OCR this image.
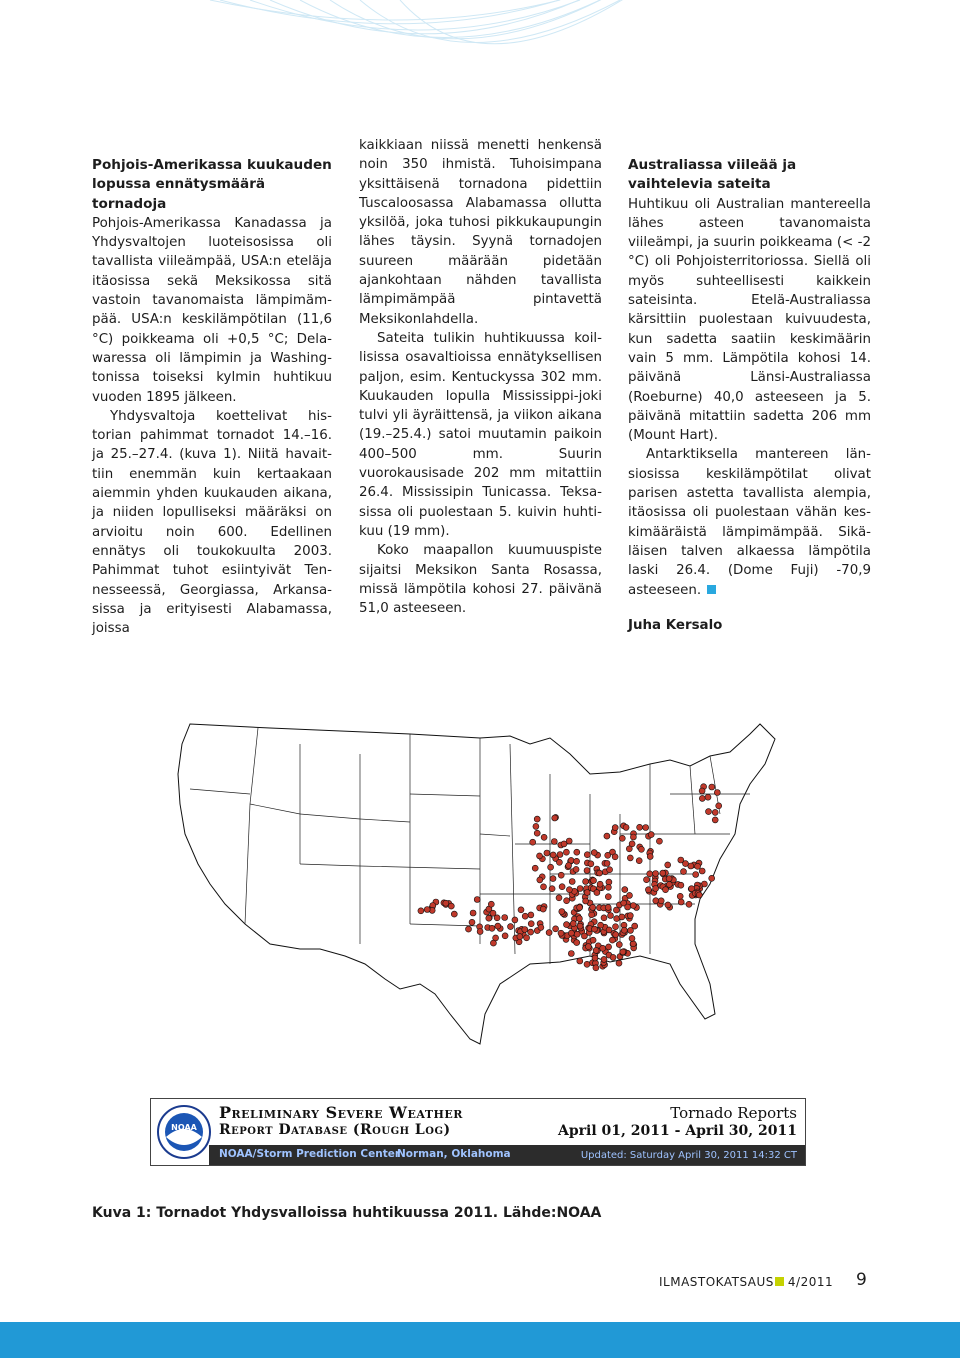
Pohjois-Amerikassa kuukauden lopussa ennätysmäärä tornadoja

Pohjois-Amerikassa Kanadassa ja Yhdysvaltojen luoteisosissa oli tavallista viileämpää, USA:n eteläja itäosissa sekä Meksikossa sitä vastoin tavanomaista lämpimämpää. USA:n keskilämpötilan (11,6 °C) poikkeama oli +0,5 °C; Delawaressa oli lämpimin ja Washingtonissa toiseksi kylmin huhtikuu vuoden 1895 jälkeen.

Yhdysvaltoja koettelivat historian pahimmat tornadot 14.–16. ja 25.–27.4. (kuva 1). Niitä havaittiin enemmän kuin kertaakaan aiemmin yhden kuukauden aikana, ja niiden lopulliseksi määräksi on arvioitu noin 600. Edellinen ennätys oli toukokuulta 2003. Pahimmat tuhot esiintyivät Tennesseessä, Georgiassa, Arkansasissa ja erityisesti Alabamassa, joissa

kaikkiaan niissä menetti henkensä noin 350 ihmistä. Tuhoisimpana yksittäisenä tornadona pidettiin Tuscaloosassa Alabamassa ollutta yksilöä, joka tuhosi pikkukaupungin lähes täysin. Syynä tornadojen suureen määrään pidetään ajankohtaan nähden tavallista lämpimämpää pintavettä Meksikonlahdella.

Sateita tulikin huhtikuussa koillisissa osavaltioissa ennätyksellisen paljon, esim. Kentuckyssa 302 mm. Kuukauden lopulla Mississippi-joki tulvi yli äyräittensä, ja viikon aikana (19.–25.4.) satoi muutamin paikoin 400–500 mm. Suurin vuorokausisade 202 mm mitattiin 26.4. Mississipin Tunicassa. Teksasissa oli puolestaan 5. kuivin huhtikuu (19 mm).

Koko maapallon kuumuuspiste sijaitsi Meksikon Santa Rosassa, missä lämpötila kohosi 27. päivänä 51,0 asteeseen.

Australiassa viileää ja vaihtelevia sateita

Huhtikuu oli Australian mantereella lähes asteen tavanomaista viileämpi, ja suurin poikkeama (< -2 °C) oli Pohjoisterritoriossa. Siellä oli myös suhteellisesti kaikkein sateisinta. Etelä-Australiassa kärsittiin puolestaan kuivuudesta, kun sadetta saatiin keskimäärin vain 5 mm. Lämpötila kohosi 14. päivänä Länsi-Australiassa (Roeburne) 40,0 asteeseen ja 5. päivänä mitattiin sadetta 206 mm (Mount Hart).

Antarktiksella mantereen länsiosissa keskilämpötilat olivat parisen astetta tavallista alempia, itäosissa oli puolestaan vähän keskimääräistä lämpimämpää. Sikäläisen talven alkaessa lämpötila laski 26.4. (Dome Fuji) -70,9 asteeseen.

Juha Kersalo

NOAA
Preliminary Severe Weather
Report Database (Rough Log)
NOAA/Storm Prediction Center
Norman, Oklahoma
Tornado Reports
April 01, 2011 - April 30, 2011
Updated: Saturday April 30, 2011 14:32 CT
Kuva 1: Tornadot Yhdysvalloissa huhtikuussa 2011. Lähde:NOAA
ILMASTOKATSAUS 4/2011 9
